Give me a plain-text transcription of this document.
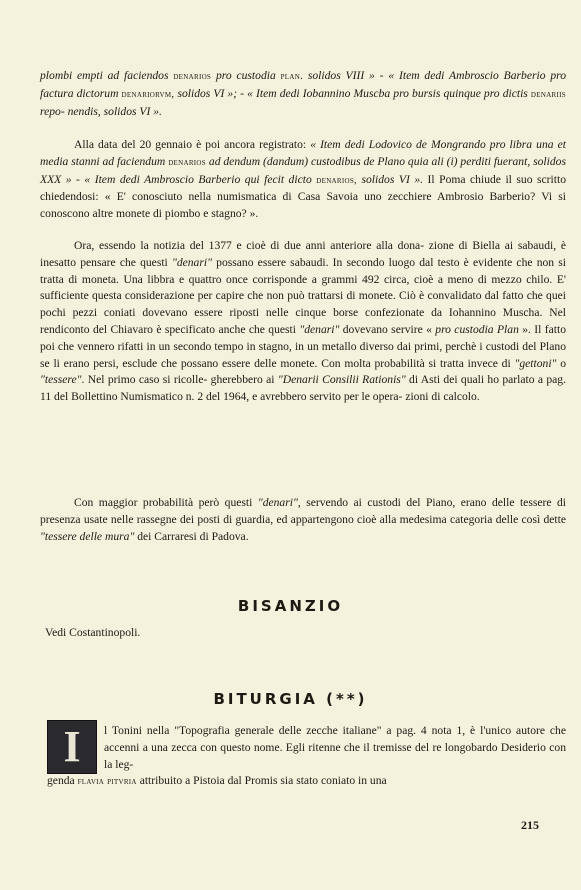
plombi empti ad faciendos denarios pro custodia plan. solidos VIII » - « Item dedi Ambroscio Barberio pro factura dictorum denariorvm, solidos VI »; - « Item dedi Iobannino Muscba pro bursis quinque pro dictis denariis repo- nendis, solidos VI ».

Alla data del 20 gennaio è poi ancora registrato: « Item dedi Lodovico de Mongrando pro libra una et media stanni ad faciendum denarios ad dendum (dandum) custodibus de Plano quia ali (i) perditi fuerant, solidos XXX » - « Item dedi Ambroscio Barberio qui fecit dicto denarios, solidos VI ». Il Poma chiude il suo scritto chiedendosi: « E' conosciuto nella numismatica di Casa Savoia uno zecchiere Ambrosio Barberio? Vi si conoscono altre monete di piombo e stagno? ».

Ora, essendo la notizia del 1377 e cioè di due anni anteriore alla dona- zione di Biella ai sabaudi, è inesatto pensare che questi "denari" possano essere sabaudi. In secondo luogo dal testo è evidente che non si tratta di moneta. Una libbra e quattro once corrisponde a grammi 492 circa, cioè a meno di mezzo chilo. E' sufficiente questa considerazione per capire che non può trattarsi di monete. Ciò è convalidato dal fatto che quei pochi pezzi coniati dovevano essere riposti nelle cinque borse confezionate da Iohannino Muscha. Nel rendiconto del Chiavaro è specificato anche che questi "denari" dovevano servire « pro custodia Plan ». Il fatto poi che vennero rifatti in un secondo tempo in stagno, in un metallo diverso dai primi, perchè i custodi del Plano se li erano persi, esclude che possano essere delle monete. Con molta probabilità si tratta invece di "gettoni" o "tessere". Nel primo caso si ricolle- gherebbero ai "Denarii Consilii Rationis" di Asti dei quali ho parlato a pag. 11 del Bollettino Numismatico n. 2 del 1964, e avrebbero servito per le opera- zioni di calcolo.

Con maggior probabilità però questi "denari", servendo ai custodi del Piano, erano delle tessere di presenza usate nelle rassegne dei posti di guardia, ed appartengono cioè alla medesima categoria delle così dette "tessere delle mura" dei Carraresi di Padova.

BISANZIO
Vedi Costantinopoli.
BITURGIA (**)
I	l Tonini nella "Topografia generale delle zecche italiane" a pag. 4 nota 1, è l'unico autore che accenni a una zecca con questo nome. Egli ritenne che il tremisse del re longobardo Desiderio con la leg-
genda flavia pitvria attribuito a Pistoia dal Promis sia stato coniato in una
215
